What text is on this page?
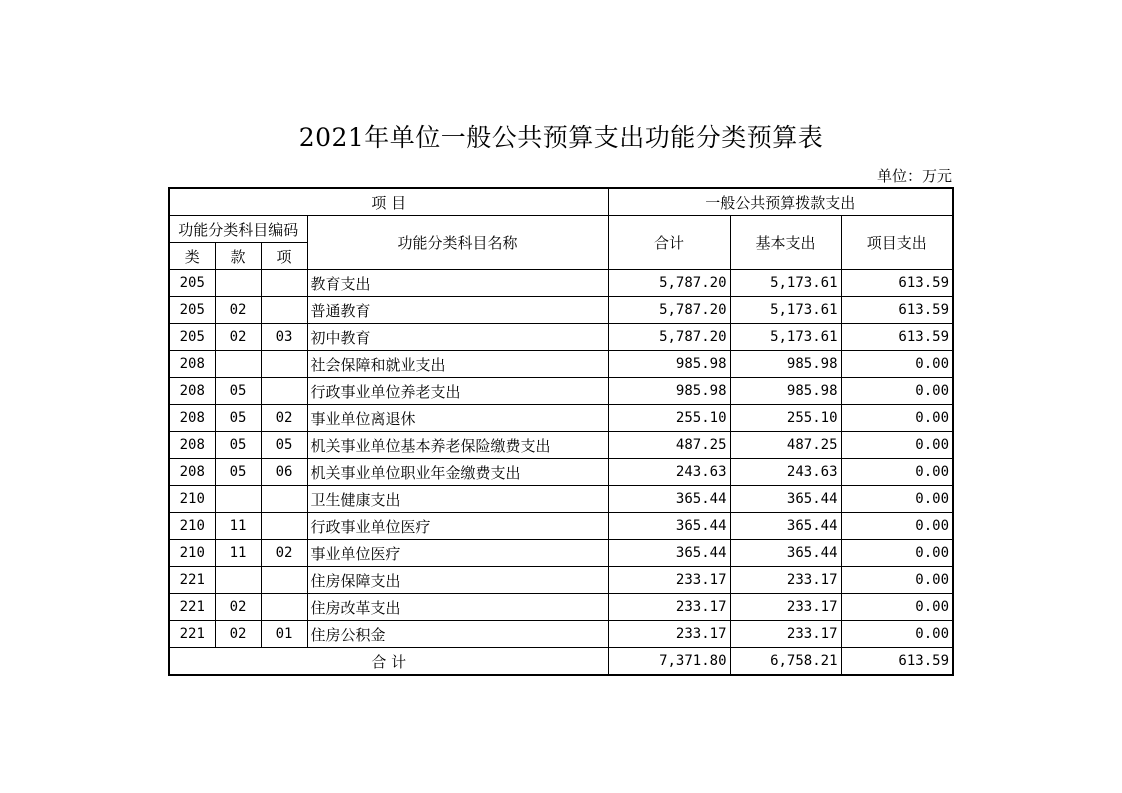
2021年单位一般公共预算支出功能分类预算表
单位：万元
项 目				一般公共预算拨款支出		
功能分类科目编码			功能分类科目名称	合计	基本支出	项目支出
类	款	项				
205			教育支出	5,787.20	5,173.61	613.59
205	02		普通教育	5,787.20	5,173.61	613.59
205	02	03	初中教育	5,787.20	5,173.61	613.59
208			社会保障和就业支出	985.98	985.98	0.00
208	05		行政事业单位养老支出	985.98	985.98	0.00
208	05	02	事业单位离退休	255.10	255.10	0.00
208	05	05	机关事业单位基本养老保险缴费支出	487.25	487.25	0.00
208	05	06	机关事业单位职业年金缴费支出	243.63	243.63	0.00
210			卫生健康支出	365.44	365.44	0.00
210	11		行政事业单位医疗	365.44	365.44	0.00
210	11	02	事业单位医疗	365.44	365.44	0.00
221			住房保障支出	233.17	233.17	0.00
221	02		住房改革支出	233.17	233.17	0.00
221	02	01	住房公积金	233.17	233.17	0.00
合 计				7,371.80	6,758.21	613.59
